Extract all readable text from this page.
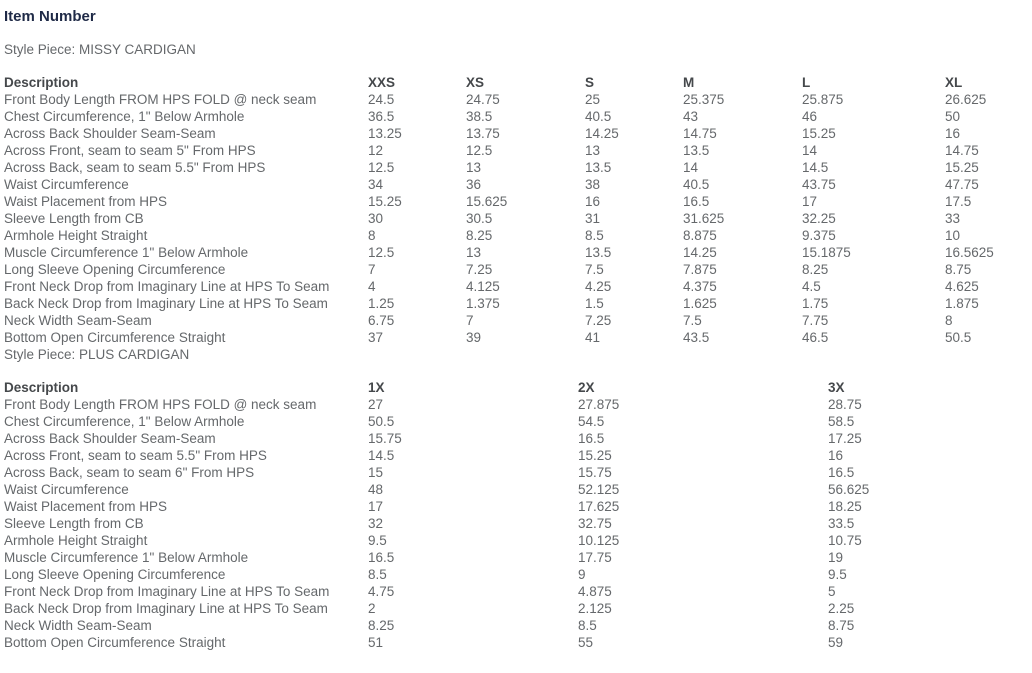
Item Number
Style Piece: MISSY CARDIGAN
Description	XXS	XS	S	M	L	XL	
Front Body Length FROM HPS FOLD @ neck seam	24.5	24.75	25	25.375	25.875	26.625	
Chest Circumference, 1" Below Armhole	36.5	38.5	40.5	43	46	50	
Across Back Shoulder Seam-Seam	13.25	13.75	14.25	14.75	15.25	16	
Across Front, seam to seam 5" From HPS	12	12.5	13	13.5	14	14.75	
Across Back, seam to seam 5.5" From HPS	12.5	13	13.5	14	14.5	15.25	
Waist Circumference	34	36	38	40.5	43.75	47.75	
Waist Placement from HPS	15.25	15.625	16	16.5	17	17.5	
Sleeve Length from CB	30	30.5	31	31.625	32.25	33	
Armhole Height Straight	8	8.25	8.5	8.875	9.375	10	
Muscle Circumference 1" Below Armhole	12.5	13	13.5	14.25	15.1875	16.5625	
Long Sleeve Opening Circumference	7	7.25	7.5	7.875	8.25	8.75	
Front Neck Drop from Imaginary Line at HPS To Seam	4	4.125	4.25	4.375	4.5	4.625	
Back Neck Drop from Imaginary Line at HPS To Seam	1.25	1.375	1.5	1.625	1.75	1.875	
Neck Width Seam-Seam	6.75	7	7.25	7.5	7.75	8	
Bottom Open Circumference Straight	37	39	41	43.5	46.5	50.5	
Style Piece: PLUS CARDIGAN
Description	1X	2X	3X	
Front Body Length FROM HPS FOLD @ neck seam	27	27.875	28.75	
Chest Circumference, 1" Below Armhole	50.5	54.5	58.5	
Across Back Shoulder Seam-Seam	15.75	16.5	17.25	
Across Front, seam to seam 5.5" From HPS	14.5	15.25	16	
Across Back, seam to seam 6" From HPS	15	15.75	16.5	
Waist Circumference	48	52.125	56.625	
Waist Placement from HPS	17	17.625	18.25	
Sleeve Length from CB	32	32.75	33.5	
Armhole Height Straight	9.5	10.125	10.75	
Muscle Circumference 1" Below Armhole	16.5	17.75	19	
Long Sleeve Opening Circumference	8.5	9	9.5	
Front Neck Drop from Imaginary Line at HPS To Seam	4.75	4.875	5	
Back Neck Drop from Imaginary Line at HPS To Seam	2	2.125	2.25	
Neck Width Seam-Seam	8.25	8.5	8.75	
Bottom Open Circumference Straight	51	55	59	
